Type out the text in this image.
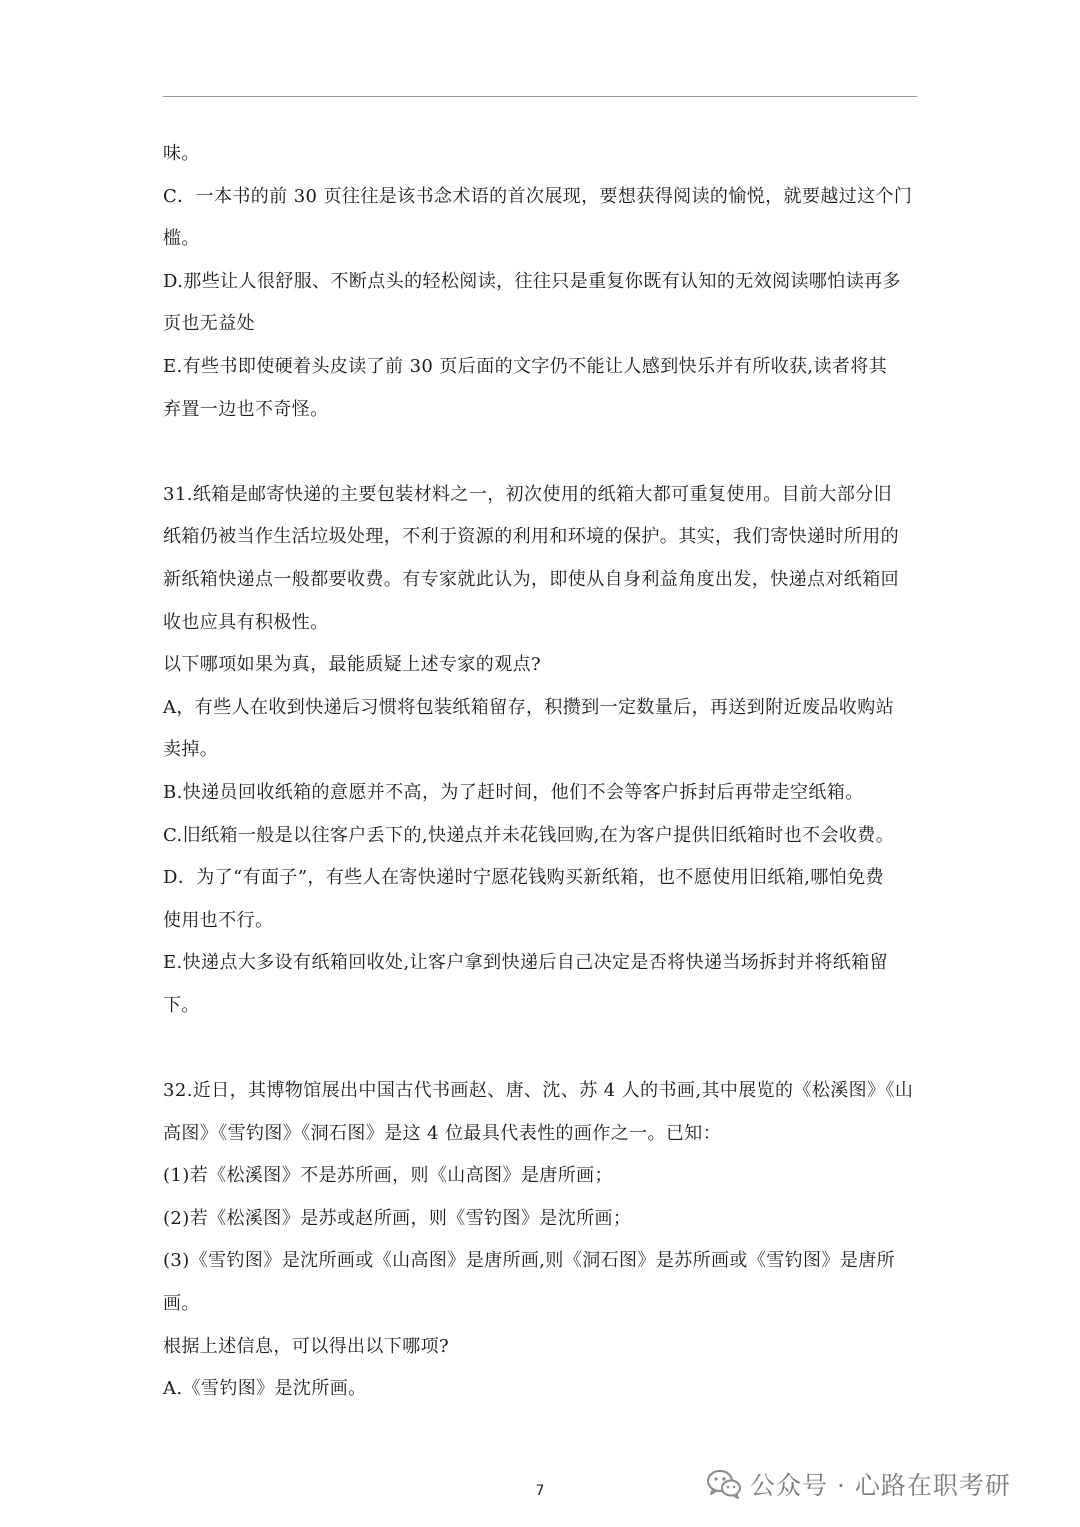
味。
C．一本书的前 30 页往往是该书念术语的首次展现，要想获得阅读的愉悦，就要越过这个门
槛。
D.那些让人很舒服、不断点头的轻松阅读，往往只是重复你既有认知的无效阅读哪怕读再多
页也无益处
E.有些书即使硬着头皮读了前 30 页后面的文字仍不能让人感到快乐并有所收获,读者将其
弃置一边也不奇怪。
31.纸箱是邮寄快递的主要包装材料之一，初次使用的纸箱大都可重复使用。目前大部分旧
纸箱仍被当作生活垃圾处理，不利于资源的利用和环境的保护。其实，我们寄快递时所用的
新纸箱快递点一般都要收费。有专家就此认为，即使从自身利益角度出发，快递点对纸箱回
收也应具有积极性。
以下哪项如果为真，最能质疑上述专家的观点?
A，有些人在收到快递后习惯将包装纸箱留存，积攒到一定数量后，再送到附近废品收购站
卖掉。
B.快递员回收纸箱的意愿并不高，为了赶时间，他们不会等客户拆封后再带走空纸箱。
C.旧纸箱一般是以往客户丢下的,快递点并未花钱回购,在为客户提供旧纸箱时也不会收费。
D．为了“有面子”，有些人在寄快递时宁愿花钱购买新纸箱，也不愿使用旧纸箱,哪怕免费
使用也不行。
E.快递点大多设有纸箱回收处,让客户拿到快递后自己决定是否将快递当场拆封并将纸箱留
下。
32.近日，其博物馆展出中国古代书画赵、唐、沈、苏 4 人的书画,其中展览的《松溪图》《山
高图》《雪钓图》《洞石图》是这 4 位最具代表性的画作之一。已知：
(1)若《松溪图》不是苏所画，则《山高图》是唐所画；
(2)若《松溪图》是苏或赵所画，则《雪钓图》是沈所画；
(3)《雪钓图》是沈所画或《山高图》是唐所画,则《洞石图》是苏所画或《雪钓图》是唐所
画。
根据上述信息，可以得出以下哪项?
A.《雪钓图》是沈所画。
7	公众号 · 心路在职考研
